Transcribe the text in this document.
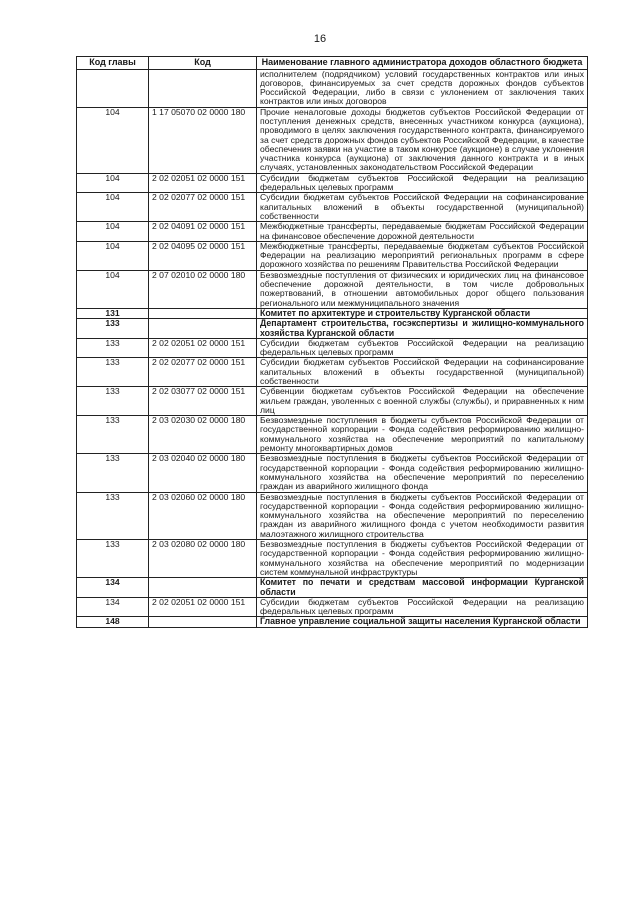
16
Код главы	Код	Наименование главного администратора доходов областного бюджета
		исполнителем (подрядчиком) условий государственных контрактов или иных договоров, финансируемых за счет средств дорожных фондов субъектов Российской Федерации, либо в связи с уклонением от заключения таких контрактов или иных договоров
104	1 17 05070 02 0000 180	Прочие неналоговые доходы бюджетов субъектов Российской Федерации от поступления денежных средств, внесенных участником конкурса (аукциона), проводимого в целях заключения государственного контракта, финансируемого за счет средств дорожных фондов субъектов Российской Федерации, в качестве обеспечения заявки на участие в таком конкурсе (аукционе) в случае уклонения участника конкурса (аукциона) от заключения данного контракта и в иных случаях, установленных законодательством Российской Федерации
104	2 02 02051 02 0000 151	Субсидии бюджетам субъектов Российской Федерации на реализацию федеральных целевых программ
104	2 02 02077 02 0000 151	Субсидии бюджетам субъектов Российской Федерации на софинансирование капитальных вложений в объекты государственной (муниципальной) собственности
104	2 02 04091 02 0000 151	Межбюджетные трансферты, передаваемые бюджетам Российской Федерации на финансовое обеспечение дорожной деятельности
104	2 02 04095 02 0000 151	Межбюджетные трансферты, передаваемые бюджетам субъектов Российской Федерации на реализацию мероприятий региональных программ в сфере дорожного хозяйства по решениям Правительства Российской Федерации
104	2 07 02010 02 0000 180	Безвозмездные поступления от физических и юридических лиц на финансовое обеспечение дорожной деятельности, в том числе добровольных пожертвований, в отношении автомобильных дорог общего пользования регионального или межмуниципального значения
131		Комитет по архитектуре и строительству Курганской области
133		Департамент строительства, госэкспертизы и жилищно-коммунального хозяйства Курганской области
133	2 02 02051 02 0000 151	Субсидии бюджетам субъектов Российской Федерации на реализацию федеральных целевых программ
133	2 02 02077 02 0000 151	Субсидии бюджетам субъектов Российской Федерации на софинансирование капитальных вложений в объекты государственной (муниципальной) собственности
133	2 02 03077 02 0000 151	Субвенции бюджетам субъектов Российской Федерации на обеспечение жильем граждан, уволенных с военной службы (службы), и приравненных к ним лиц
133	2 03 02030 02 0000 180	Безвозмездные поступления в бюджеты субъектов Российской Федерации от государственной корпорации - Фонда содействия реформированию жилищно-коммунального хозяйства на обеспечение мероприятий по капитальному ремонту многоквартирных домов
133	2 03 02040 02 0000 180	Безвозмездные поступления в бюджеты субъектов Российской Федерации от государственной корпорации - Фонда содействия реформированию жилищно-коммунального хозяйства на обеспечение мероприятий по переселению граждан из аварийного жилищного фонда
133	2 03 02060 02 0000 180	Безвозмездные поступления в бюджеты субъектов Российской Федерации от государственной корпорации - Фонда содействия реформированию жилищно-коммунального хозяйства на обеспечение мероприятий по переселению граждан из аварийного жилищного фонда с учетом необходимости развития малоэтажного жилищного строительства
133	2 03 02080 02 0000 180	Безвозмездные поступления в бюджеты субъектов Российской Федерации от государственной корпорации - Фонда содействия реформированию жилищно-коммунального хозяйства на обеспечение мероприятий по модернизации систем коммунальной инфраструктуры
134		Комитет по печати и средствам массовой информации Курганской области
134	2 02 02051 02 0000 151	Субсидии бюджетам субъектов Российской Федерации на реализацию федеральных целевых программ
148		Главное управление социальной защиты населения Курганской области
